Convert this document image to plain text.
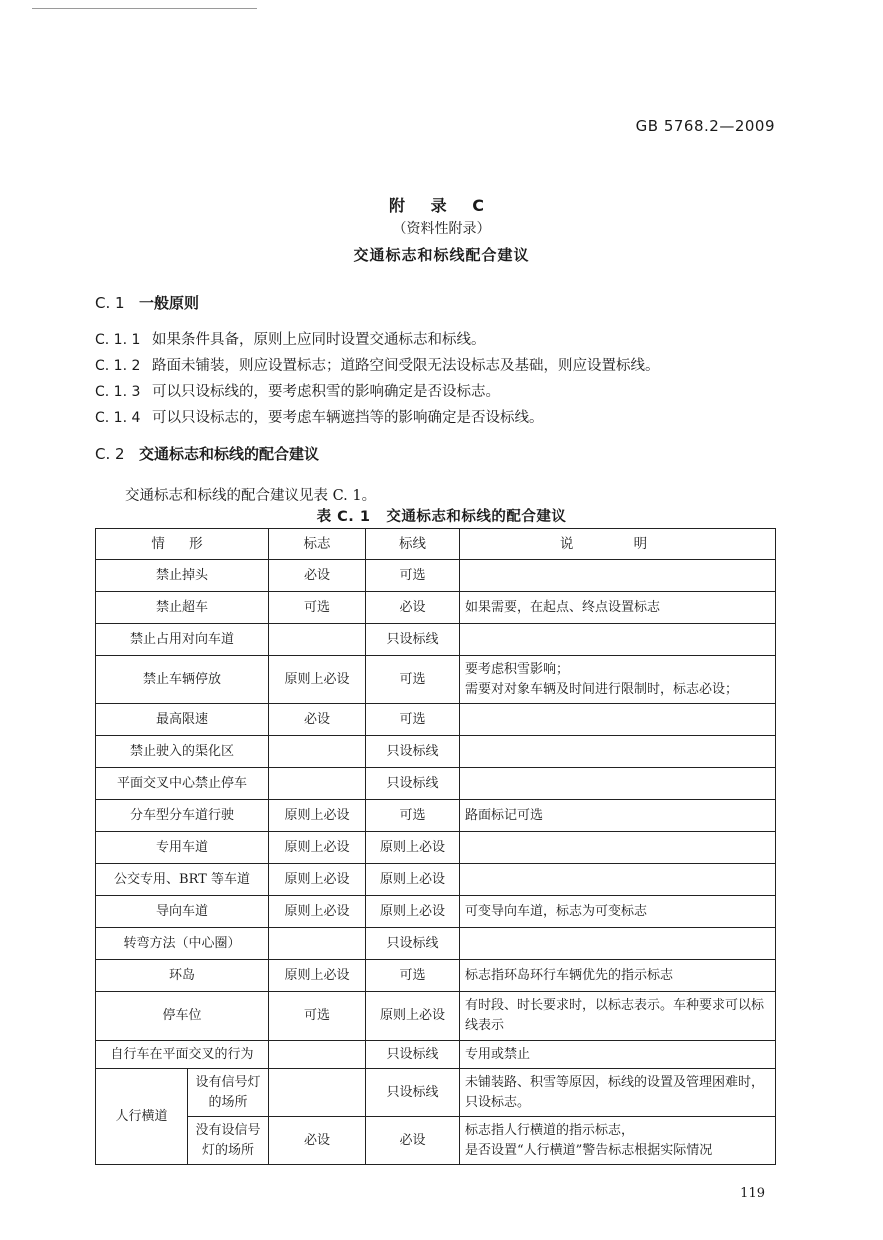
GB 5768.2—2009
附 录 C
（资料性附录）
交通标志和标线配合建议
C. 1 一般原则
C. 1. 1 如果条件具备，原则上应同时设置交通标志和标线。
C. 1. 2 路面未铺装，则应设置标志；道路空间受限无法设标志及基础，则应设置标线。
C. 1. 3 可以只设标线的，要考虑积雪的影响确定是否设标志。
C. 1. 4 可以只设标志的，要考虑车辆遮挡等的影响确定是否设标线。
C. 2 交通标志和标线的配合建议
交通标志和标线的配合建议见表 C. 1。
表 C. 1 交通标志和标线的配合建议
情 形		标志	标线	说 明
禁止掉头		必设	可选	
禁止超车		可选	必设	如果需要，在起点、终点设置标志
禁止占用对向车道			只设标线	
禁止车辆停放		原则上必设	可选	要考虑积雪影响；
需要对对象车辆及时间进行限制时，标志必设；

最高限速		必设	可选	
禁止驶入的渠化区			只设标线	
平面交叉中心禁止停车			只设标线	
分车型分车道行驶		原则上必设	可选	路面标记可选
专用车道		原则上必设	原则上必设	
公交专用、BRT 等车道		原则上必设	原则上必设	
导向车道		原则上必设	原则上必设	可变导向车道，标志为可变标志
转弯方法（中心圈）			只设标线	
环岛		原则上必设	可选	标志指环岛环行车辆优先的指示标志
停车位		可选	原则上必设	有时段、时长要求时，以标志表示。车种要求可以标线表示
自行车在平面交叉的行为			只设标线	专用或禁止
人行横道	设有信号灯的场所		只设标线	未铺装路、积雪等原因，标线的设置及管理困难时，只设标志。
	没有设信号灯的场所	必设	必设	标志指人行横道的指示标志，
是否设置“人行横道”警告标志根据实际情况
119
